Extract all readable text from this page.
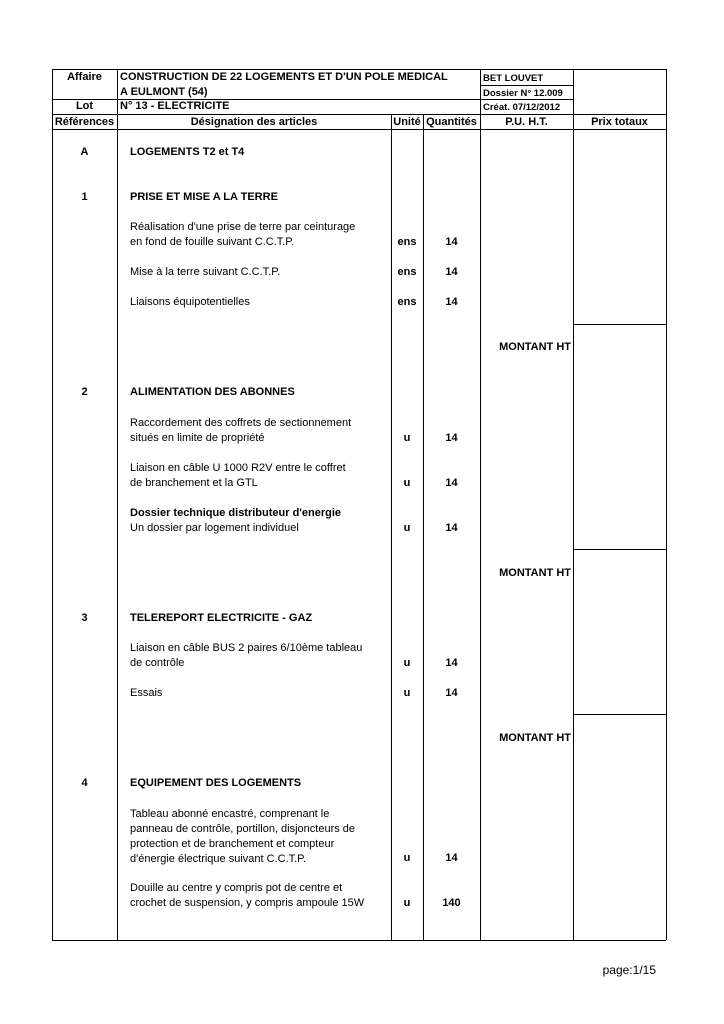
Affaire	CONSTRUCTION DE 22 LOGEMENTS ET D'UN POLE MEDICAL
A EULMONT (54)
BET LOUVET
Dossier N° 12.009
Lot	N° 13 - ELECTRICITE	Créat. 07/12/2012
Références	Désignation des articles	Unité Quantités	P.U. H.T.	Prix totaux
A	LOGEMENTS T2 et T4
1	PRISE ET MISE A LA TERRE
Réalisation d'une prise de terre par ceinturage
en fond de fouille suivant C.C.T.P.	ens	14
Mise à la terre suivant C.C.T.P.	ens	14
Liaisons équipotentielles	ens	14
MONTANT HT
2	ALIMENTATION DES ABONNES
Raccordement des coffrets de sectionnement
situés en limite de propriété	u	14
Liaison en câble U 1000 R2V entre le coffret
de branchement et la GTL	u	14
Dossier technique distributeur d'energie
Un dossier par logement individuel	u	14
MONTANT HT
3	TELEREPORT ELECTRICITE - GAZ
Liaison en câble BUS 2 paires 6/10ème tableau
de contrôle	u	14
Essais	u	14
MONTANT HT
4	EQUIPEMENT DES LOGEMENTS
Tableau abonné encastré, comprenant le
panneau de contrôle, portillon, disjoncteurs de
protection et de branchement et compteur
d'énergie électrique suivant C.C.T.P.	u	14
Douille au centre y compris pot de centre et
crochet de suspension, y compris ampoule 15W	u	140
page:1/15
